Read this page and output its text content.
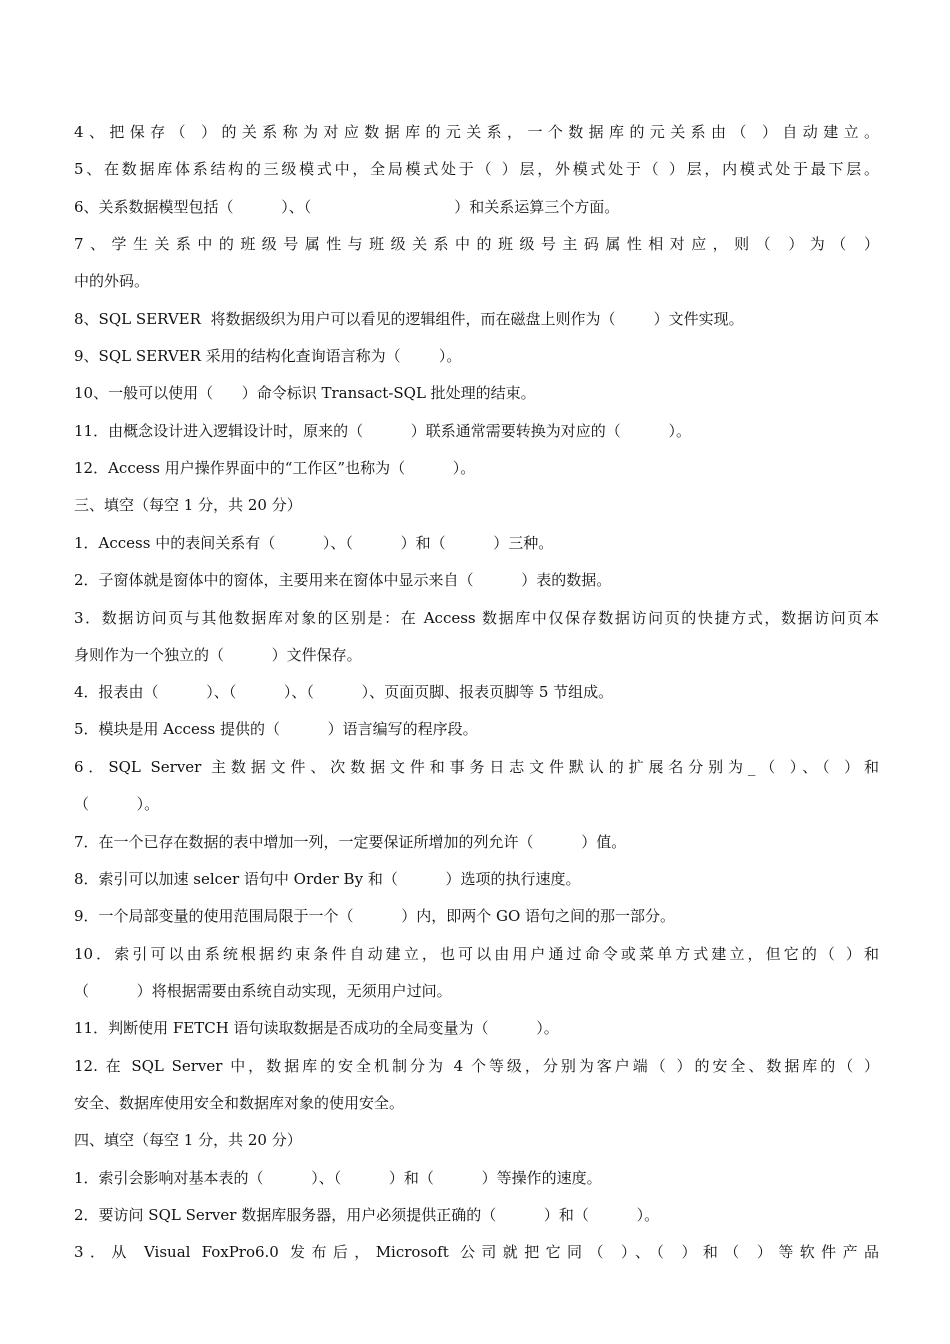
4、把保存（ ）的关系称为对应数据库的元关系，一个数据库的元关系由（ ）自动建立。
5、在数据库体系结构的三级模式中，全局模式处于（ ）层，外模式处于（ ）层，内模式处于最下层。
6、关系数据模型包括（          ）、（                              ）和关系运算三个方面。
7、学生关系中的班级号属性与班级关系中的班级号主码属性相对应，则（ ）为（ ）
中的外码。
8、SQL SERVER  将数据级织为用户可以看见的逻辑组件，而在磁盘上则作为（        ）文件实现。
9、SQL SERVER 采用的结构化查询语言称为（        ）。
10、一般可以使用（      ）命令标识 Transact-SQL 批处理的结束。
11．由概念设计进入逻辑设计时，原来的（          ）联系通常需要转换为对应的（          ）。
12．Access 用户操作界面中的“工作区”也称为（          ）。
三、填空（每空 1 分，共 20 分）
1．Access 中的表间关系有（          ）、（          ）和（          ）三种。
2．子窗体就是窗体中的窗体，主要用来在窗体中显示来自（          ）表的数据。
3．数据访问页与其他数据库对象的区别是：在 Access 数据库中仅保存数据访问页的快捷方式，数据访问页本
身则作为一个独立的（          ）文件保存。
4．报表由（          ）、（          ）、（          ）、页面页脚、报表页脚等 5 节组成。
5．模块是用 Access 提供的（          ）语言编写的程序段。
6．SQL Server 主数据文件、次数据文件和事务日志文件默认的扩展名分别为_（ ）、（ ）和
（          ）。
7．在一个已存在数据的表中增加一列，一定要保证所增加的列允许（          ）值。
8．索引可以加速 selcer 语句中 Order By 和（          ）选项的执行速度。
9．一个局部变量的使用范围局限于一个（          ）内，即两个 GO 语句之间的那一部分。
10．索引可以由系统根据约束条件自动建立，也可以由用户通过命令或菜单方式建立，但它的（ ）和
（          ）将根据需要由系统自动实现，无须用户过问。
11．判断使用 FETCH 语句读取数据是否成功的全局变量为（          ）。
12. 在 SQL Server 中，数据库的安全机制分为 4 个等级，分别为客户端（ ）的安全、数据库的（ ）
安全、数据库使用安全和数据库对象的使用安全。
四、填空（每空 1 分，共 20 分）
1．索引会影响对基本表的（          ）、（          ）和（          ）等操作的速度。
2．要访问 SQL Server 数据库服务器，用户必须提供正确的（          ）和（          ）。
3．从 Visual FoxPro6.0 发布后，Microsoft 公司就把它同（ ）、（ ）和（ ）等软件产品
